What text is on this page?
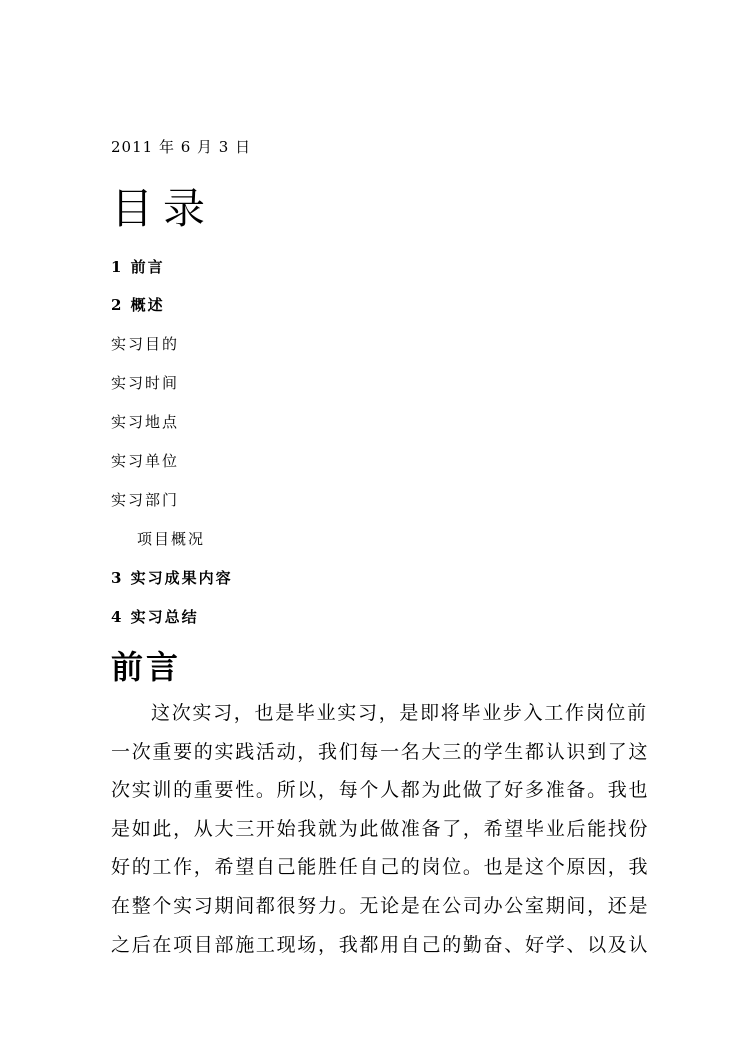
2011 年 6 月 3 日
目录
1 前言
2 概述
实习目的
实习时间
实习地点
实习单位
实习部门
项目概况
3 实习成果内容
4 实习总结
前言
这次实习，也是毕业实习，是即将毕业步入工作岗位前
一次重要的实践活动，我们每一名大三的学生都认识到了这
次实训的重要性。所以，每个人都为此做了好多准备。我也
是如此，从大三开始我就为此做准备了，希望毕业后能找份
好的工作，希望自己能胜任自己的岗位。也是这个原因，我
在整个实习期间都很努力。无论是在公司办公室期间，还是
之后在项目部施工现场，我都用自己的勤奋、好学、以及认
